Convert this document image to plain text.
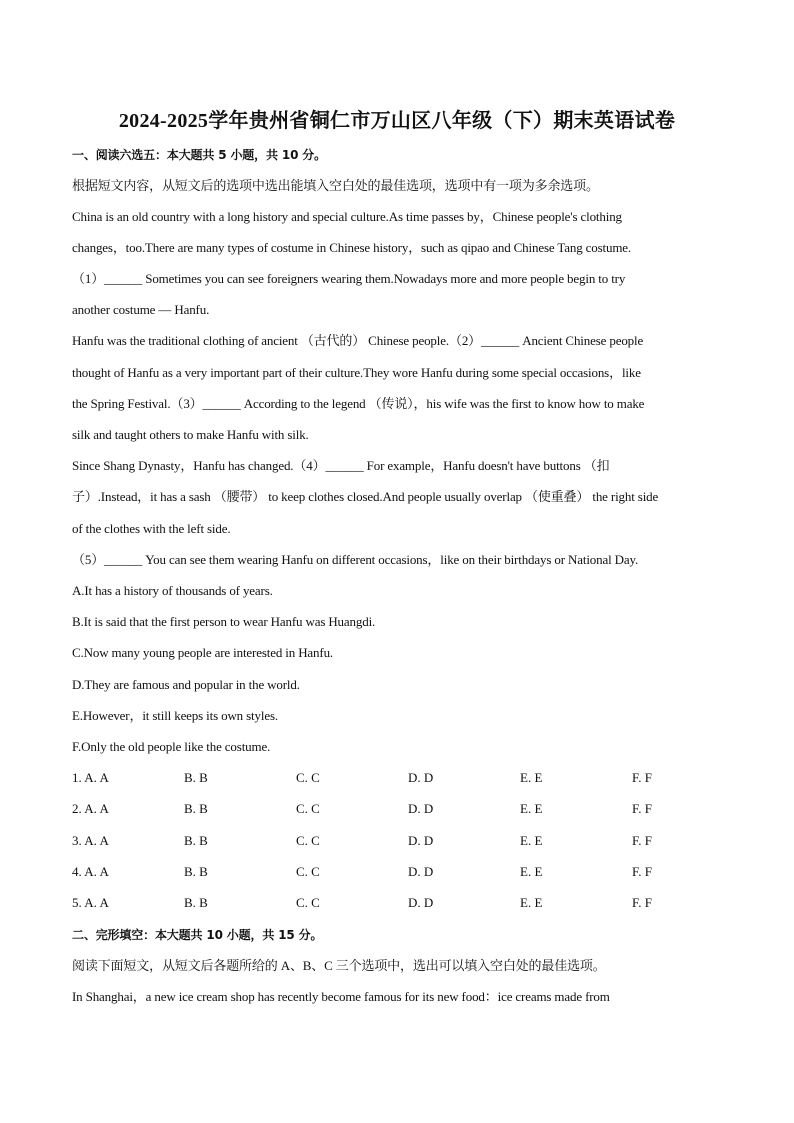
2024-2025学年贵州省铜仁市万山区八年级（下）期末英语试卷
一、阅读六选五：本大题共 5 小题，共 10 分。
根据短文内容，从短文后的选项中选出能填入空白处的最佳选项，选项中有一项为多余选项。
China is an old country with a long history and special culture.As time passes by，Chinese people's clothing
changes，too.There are many types of costume in Chinese history，such as qipao and Chinese Tang costume.
（1）______ Sometimes you can see foreigners wearing them.Nowadays more and more people begin to try
another costume — Hanfu.
Hanfu was the traditional clothing of ancient （古代的） Chinese people.（2）______ Ancient Chinese people
thought of Hanfu as a very important part of their culture.They wore Hanfu during some special occasions，like
the Spring Festival.（3）______ According to the legend （传说），his wife was the first to know how to make
silk and taught others to make Hanfu with silk.
Since Shang Dynasty，Hanfu has changed.（4）______ For example，Hanfu doesn't have buttons （扣
子）.Instead，it has a sash （腰带） to keep clothes closed.And people usually overlap （使重叠） the right side
of the clothes with the left side.
（5）______ You can see them wearing Hanfu on different occasions，like on their birthdays or National Day.
A.It has a history of thousands of years.
B.It is said that the first person to wear Hanfu was Huangdi.
C.Now many young people are interested in Hanfu.
D.They are famous and popular in the world.
E.However，it still keeps its own styles.
F.Only the old people like the costume.
1. A. A	B. B	C. C	D. D	E. E	F. F
2. A. A	B. B	C. C	D. D	E. E	F. F
3. A. A	B. B	C. C	D. D	E. E	F. F
4. A. A	B. B	C. C	D. D	E. E	F. F
5. A. A	B. B	C. C	D. D	E. E	F. F
二、完形填空：本大题共 10 小题，共 15 分。
阅读下面短文，从短文后各题所给的 A、B、C 三个选项中，选出可以填入空白处的最佳选项。
In Shanghai，a new ice cream shop has recently become famous for its new food：ice creams made from
